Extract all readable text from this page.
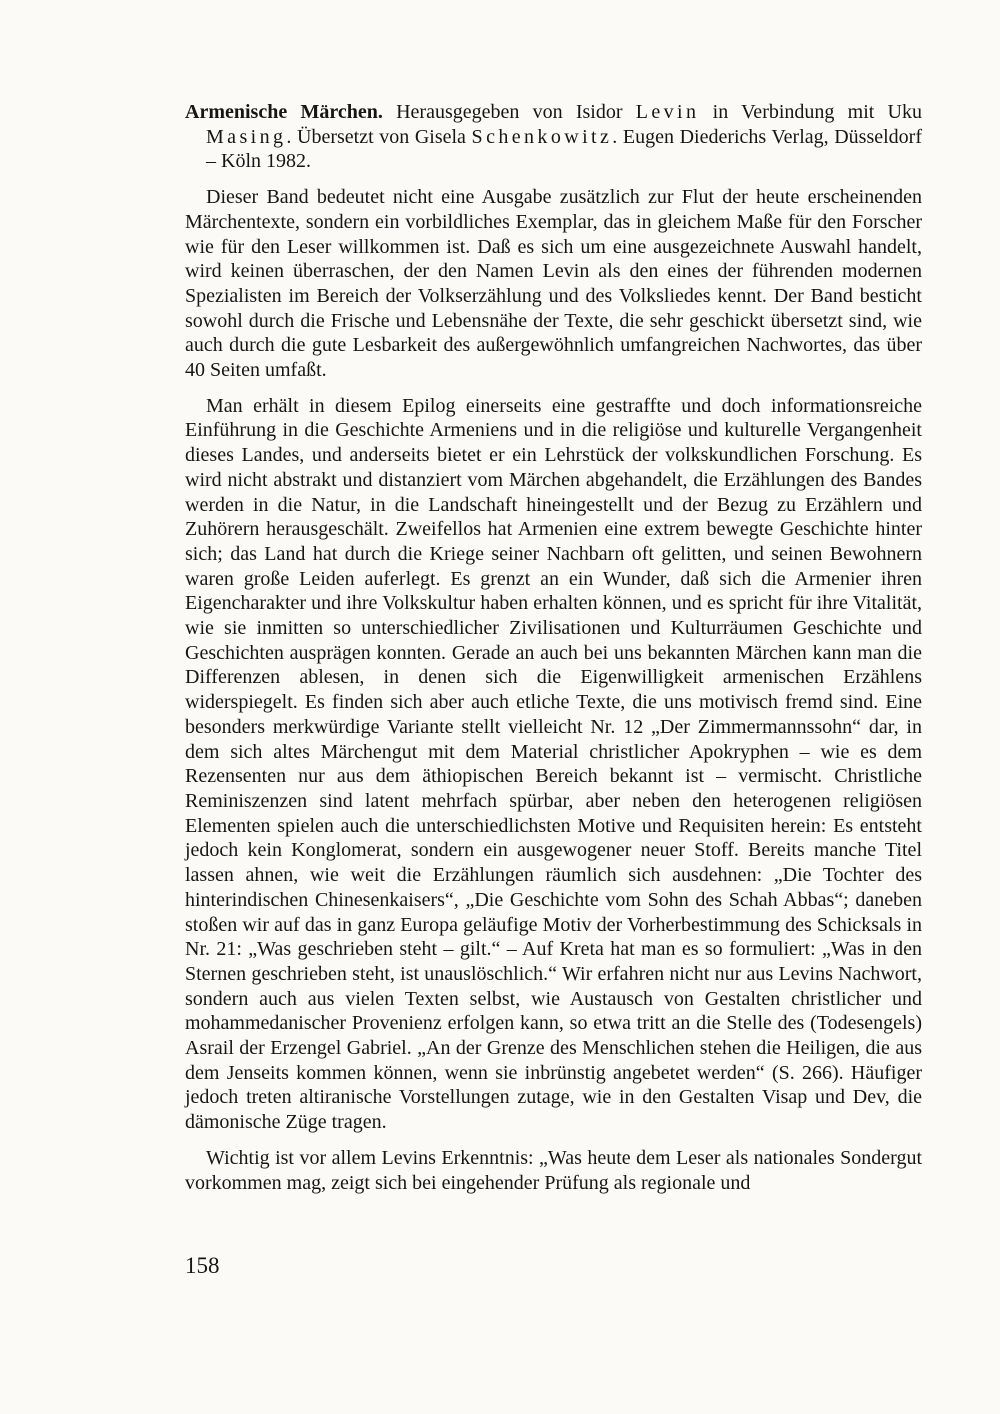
Armenische Märchen. Herausgegeben von Isidor Levin in Verbindung mit Uku Masing. Übersetzt von Gisela Schenkowitz. Eugen Diederichs Verlag, Düsseldorf – Köln 1982.

Dieser Band bedeutet nicht eine Ausgabe zusätzlich zur Flut der heute erscheinenden Märchentexte, sondern ein vorbildliches Exemplar, das in gleichem Maße für den Forscher wie für den Leser willkommen ist. Daß es sich um eine ausgezeichnete Auswahl handelt, wird keinen überraschen, der den Namen Levin als den eines der führenden modernen Spezialisten im Bereich der Volkserzählung und des Volksliedes kennt. Der Band besticht sowohl durch die Frische und Lebensnähe der Texte, die sehr geschickt übersetzt sind, wie auch durch die gute Lesbarkeit des außergewöhnlich umfangreichen Nachwortes, das über 40 Seiten umfaßt.

Man erhält in diesem Epilog einerseits eine gestraffte und doch informationsreiche Einführung in die Geschichte Armeniens und in die religiöse und kulturelle Vergangenheit dieses Landes, und anderseits bietet er ein Lehrstück der volkskundlichen Forschung. Es wird nicht abstrakt und distanziert vom Märchen abgehandelt, die Erzählungen des Bandes werden in die Natur, in die Landschaft hineingestellt und der Bezug zu Erzählern und Zuhörern herausgeschält. Zweifellos hat Armenien eine extrem bewegte Geschichte hinter sich; das Land hat durch die Kriege seiner Nachbarn oft gelitten, und seinen Bewohnern waren große Leiden auferlegt. Es grenzt an ein Wunder, daß sich die Armenier ihren Eigencharakter und ihre Volkskultur haben erhalten können, und es spricht für ihre Vitalität, wie sie inmitten so unterschiedlicher Zivilisationen und Kulturräumen Geschichte und Geschichten ausprägen konnten. Gerade an auch bei uns bekannten Märchen kann man die Differenzen ablesen, in denen sich die Eigenwilligkeit armenischen Erzählens widerspiegelt. Es finden sich aber auch etliche Texte, die uns motivisch fremd sind. Eine besonders merkwürdige Variante stellt vielleicht Nr. 12 „Der Zimmermannssohn“ dar, in dem sich altes Märchengut mit dem Material christlicher Apokryphen – wie es dem Rezensenten nur aus dem äthiopischen Bereich bekannt ist – vermischt. Christliche Reminiszenzen sind latent mehrfach spürbar, aber neben den heterogenen religiösen Elementen spielen auch die unterschiedlichsten Motive und Requisiten herein: Es entsteht jedoch kein Konglomerat, sondern ein ausgewogener neuer Stoff. Bereits manche Titel lassen ahnen, wie weit die Erzählungen räumlich sich ausdehnen: „Die Tochter des hinterindischen Chinesenkaisers“, „Die Geschichte vom Sohn des Schah Abbas“; daneben stoßen wir auf das in ganz Europa geläufige Motiv der Vorherbestimmung des Schicksals in Nr. 21: „Was geschrieben steht – gilt.“ – Auf Kreta hat man es so formuliert: „Was in den Sternen geschrieben steht, ist unauslöschlich.“ Wir erfahren nicht nur aus Levins Nachwort, sondern auch aus vielen Texten selbst, wie Austausch von Gestalten christlicher und mohammedanischer Provenienz erfolgen kann, so etwa tritt an die Stelle des (Todesengels) Asrail der Erzengel Gabriel. „An der Grenze des Menschlichen stehen die Heiligen, die aus dem Jenseits kommen können, wenn sie inbrünstig angebetet werden“ (S. 266). Häufiger jedoch treten altiranische Vorstellungen zutage, wie in den Gestalten Visap und Dev, die dämonische Züge tragen.

Wichtig ist vor allem Levins Erkenntnis: „Was heute dem Leser als nationales Sondergut vorkommen mag, zeigt sich bei eingehender Prüfung als regionale und

158
